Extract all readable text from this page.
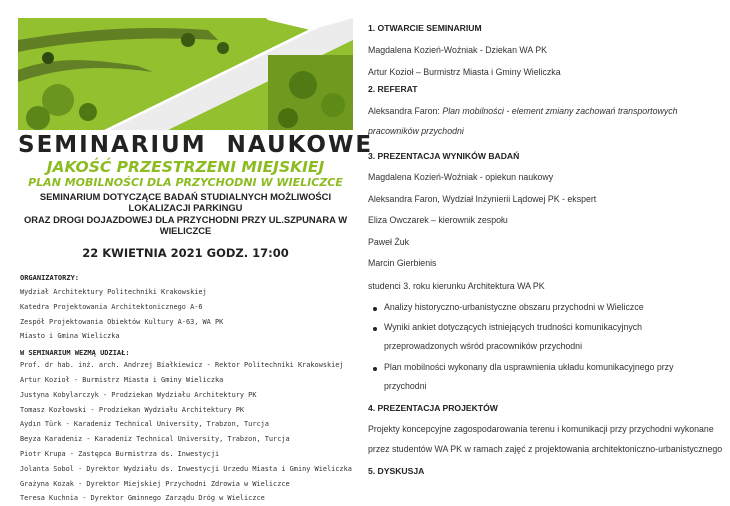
SEMINARIUM  NAUKOWE
JAKOŚĆ PRZESTRZENI MIEJSKIEJ
PLAN MOBILNOŚCI DLA PRZYCHODNI W WIELICZCE
SEMINARIUM DOTYCZĄCE BADAŃ STUDIALNYCH MOŻLIWOŚCI LOKALIZACJI PARKINGU
ORAZ DROGI DOJAZDOWEJ DLA PRZYCHODNI PRZY UL.SZPUNARA W WIELICZCE
22 KWIETNIA 2021 GODZ. 17:00
ORGANIZATORZY:
Wydział Architektury Politechniki Krakowskiej
Katedra Projektowania Architektonicznego A-6
Zespół Projektowania Obiektów Kultury A-63, WA PK
Miasto i Gmina Wieliczka
W SEMINARIUM WEZMĄ UDZIAŁ:
Prof. dr hab. inż. arch. Andrzej Białkiewicz - Rektor Politechniki Krakowskiej
Artur Kozioł - Burmistrz Miasta i Gminy Wieliczka
Justyna Kobylarczyk - Prodziekan Wydziału Architektury PK
Tomasz Kozłowski - Prodziekan Wydziału Architektury PK
Aydın Türk - Karadeniz Technical University, Trabzon, Turcja
Beyza Karadeniz - Karadeniz Technical University, Trabzon, Turcja
Piotr Krupa - Zastępca Burmistrza ds. Inwestycji
Jolanta Sobol - Dyrektor Wydziału ds. Inwestycji Urzedu Miasta i Gminy Wieliczka
Grażyna Kozak - Dyrektor Miejskiej Przychodni Zdrowia w Wieliczce
Teresa Kuchnia - Dyrektor Gminnego Zarządu Dróg w Wieliczce
1. OTWARCIE SEMINARIUM
Magdalena Kozień-Woźniak - Dziekan WA PK
Artur Kozioł – Burmistrz Miasta i Gminy Wieliczka
2. REFERAT
Aleksandra Faron: Plan mobilności - element zmiany zachowań transportowych
pracowników przychodni
3. PREZENTACJA WYNIKÓW BADAŃ
Magdalena Kozień-Woźniak - opiekun naukowy
Aleksandra Faron, Wydział Inżynierii Lądowej PK - ekspert
Eliza Owczarek – kierownik zespołu
Paweł Żuk
Marcin Gierbienis
studenci 3. roku kierunku Architektura WA PK
Analizy historyczno-urbanistyczne obszaru przychodni w Wieliczce
Wyniki ankiet dotyczących istniejących trudności komunikacyjnych
przeprowadzonych wśród pracowników przychodni
Plan mobilności wykonany dla usprawnienia układu komunikacyjnego przy
przychodni
4. PREZENTACJA PROJEKTÓW
Projekty koncepcyjne zagospodarowania terenu i komunikacji przy przychodni wykonane
przez studentów WA PK w ramach zajęć z projektowania architektoniczno-urbanistycznego
5. DYSKUSJA
